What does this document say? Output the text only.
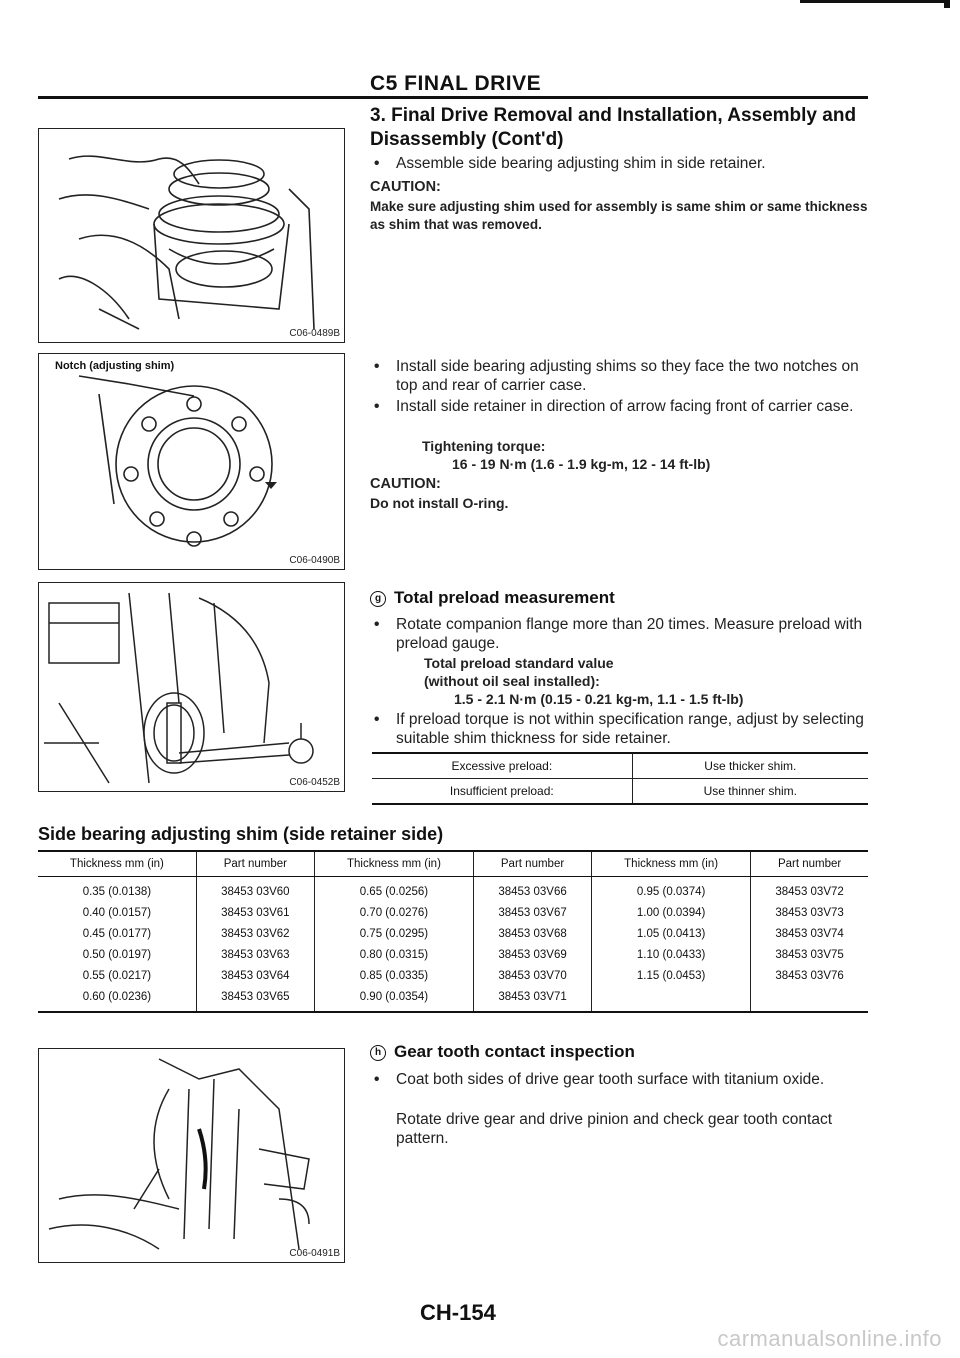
C5 FINAL DRIVE
3. Final Drive Removal and Installation, Assembly and Disassembly (Cont'd)
C06-0489B
Notch (adjusting shim)
C06-0490B
C06-0452B
• Assemble side bearing adjusting shim in side retainer.
CAUTION:
Make sure adjusting shim used for assembly is same shim or same thickness as shim that was removed.
• Install side bearing adjusting shims so they face the two notches on top and rear of carrier case.
• Install side retainer in direction of arrow facing front of carrier case.
Tightening torque:
16 - 19 N·m (1.6 - 1.9 kg-m, 12 - 14 ft-lb)
CAUTION:
Do not install O-ring.
g Total preload measurement
• Rotate companion flange more than 20 times. Measure preload with preload gauge.
Total preload standard value
(without oil seal installed):
1.5 - 2.1 N·m (0.15 - 0.21 kg-m, 1.1 - 1.5 ft-lb)
• If preload torque is not within specification range, adjust by selecting suitable shim thickness for side retainer.
Excessive preload:	Use thicker shim.
Insufficient preload:	Use thinner shim.
Side bearing adjusting shim (side retainer side)
Thickness mm (in)	Part number	Thickness mm (in)	Part number	Thickness mm (in)	Part number
0.35 (0.0138)	38453 03V60	0.65 (0.0256)	38453 03V66	0.95 (0.0374)	38453 03V72
0.40 (0.0157)	38453 03V61	0.70 (0.0276)	38453 03V67	1.00 (0.0394)	38453 03V73
0.45 (0.0177)	38453 03V62	0.75 (0.0295)	38453 03V68	1.05 (0.0413)	38453 03V74
0.50 (0.0197)	38453 03V63	0.80 (0.0315)	38453 03V69	1.10 (0.0433)	38453 03V75
0.55 (0.0217)	38453 03V64	0.85 (0.0335)	38453 03V70	1.15 (0.0453)	38453 03V76
0.60 (0.0236)	38453 03V65	0.90 (0.0354)	38453 03V71		
C06-0491B
h Gear tooth contact inspection
• Coat both sides of drive gear tooth surface with titanium oxide.
Rotate drive gear and drive pinion and check gear tooth contact pattern.
CH-154
carmanualsonline.info
